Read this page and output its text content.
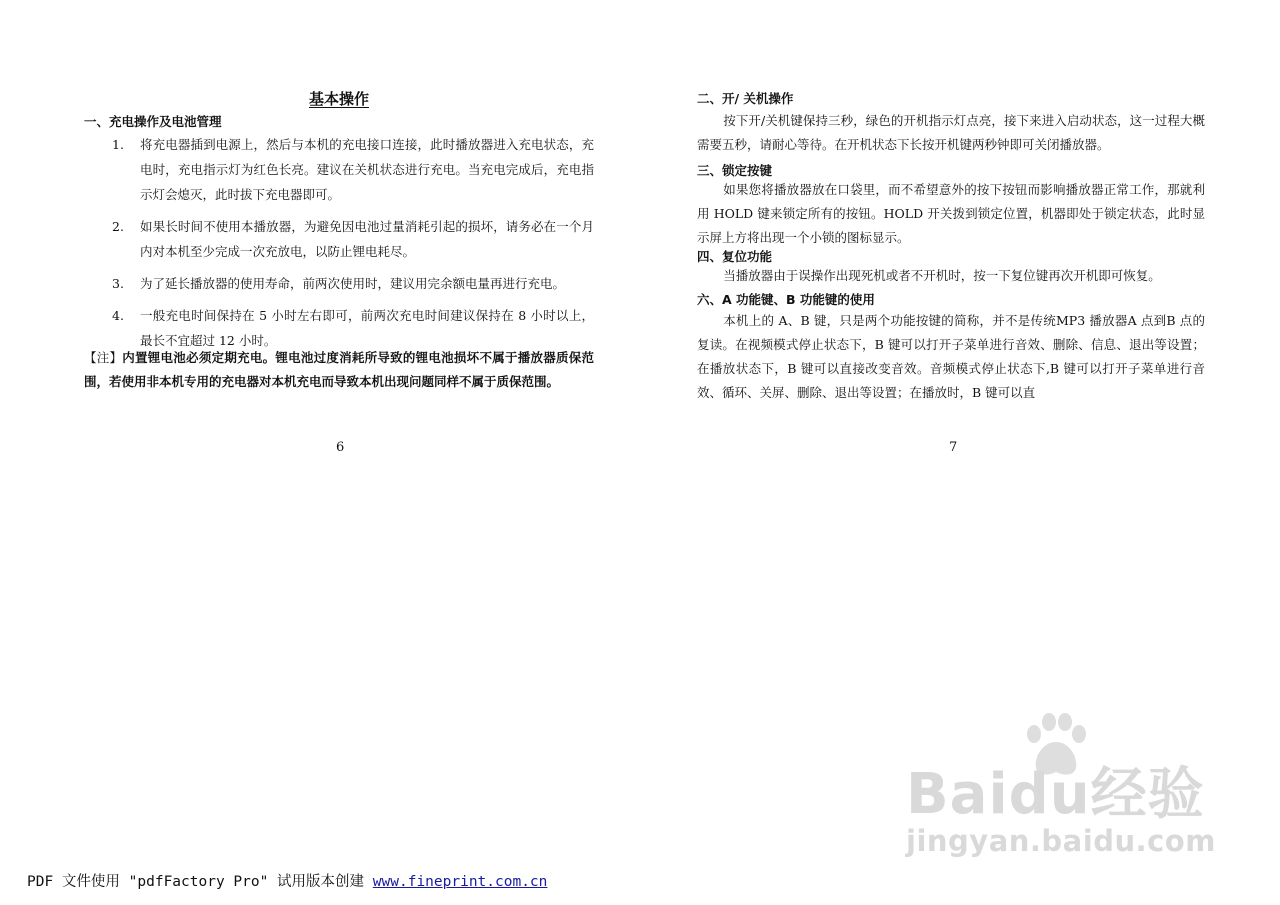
基本操作
一、充电操作及电池管理
1. 将充电器插到电源上，然后与本机的充电接口连接，此时播放器进入充电状态，充电时，充电指示灯为红色长亮。建议在关机状态进行充电。当充电完成后，充电指示灯会熄灭，此时拔下充电器即可。
2. 如果长时间不使用本播放器，为避免因电池过量消耗引起的损坏，请务必在一个月内对本机至少完成一次充放电，以防止锂电耗尽。
3. 为了延长播放器的使用寿命，前两次使用时，建议用完余额电量再进行充电。
4. 一般充电时间保持在 5 小时左右即可，前两次充电时间建议保持在 8 小时以上，最长不宜超过 12 小时。

【注】内置锂电池必须定期充电。锂电池过度消耗所导致的锂电池损坏不属于播放器质保范围，若使用非本机专用的充电器对本机充电而导致本机出现问题同样不属于质保范围。

6
二、开/ 关机操作

按下开/关机键保持三秒，绿色的开机指示灯点亮，接下来进入启动状态，这一过程大概需要五秒，请耐心等待。在开机状态下长按开机键两秒钟即可关闭播放器。

三、锁定按键

如果您将播放器放在口袋里，而不希望意外的按下按钮而影响播放器正常工作，那就利用 HOLD 键来锁定所有的按钮。HOLD 开关拨到锁定位置，机器即处于锁定状态，此时显示屏上方将出现一个小锁的图标显示。

四、复位功能

当播放器由于误操作出现死机或者不开机时，按一下复位键再次开机即可恢复。

六、A 功能键、B 功能键的使用

本机上的 A、B 键，只是两个功能按键的简称，并不是传统MP3 播放器A 点到B 点的复读。在视频模式停止状态下，B 键可以打开子菜单进行音效、删除、信息、退出等设置；在播放状态下，B 键可以直接改变音效。音频模式停止状态下,B 键可以打开子菜单进行音效、循环、关屏、删除、退出等设置；在播放时，B 键可以直

7
Baidu经验
jingyan.baidu.com
PDF 文件使用 "pdfFactory Pro" 试用版本创建 www.fineprint.com.cn
